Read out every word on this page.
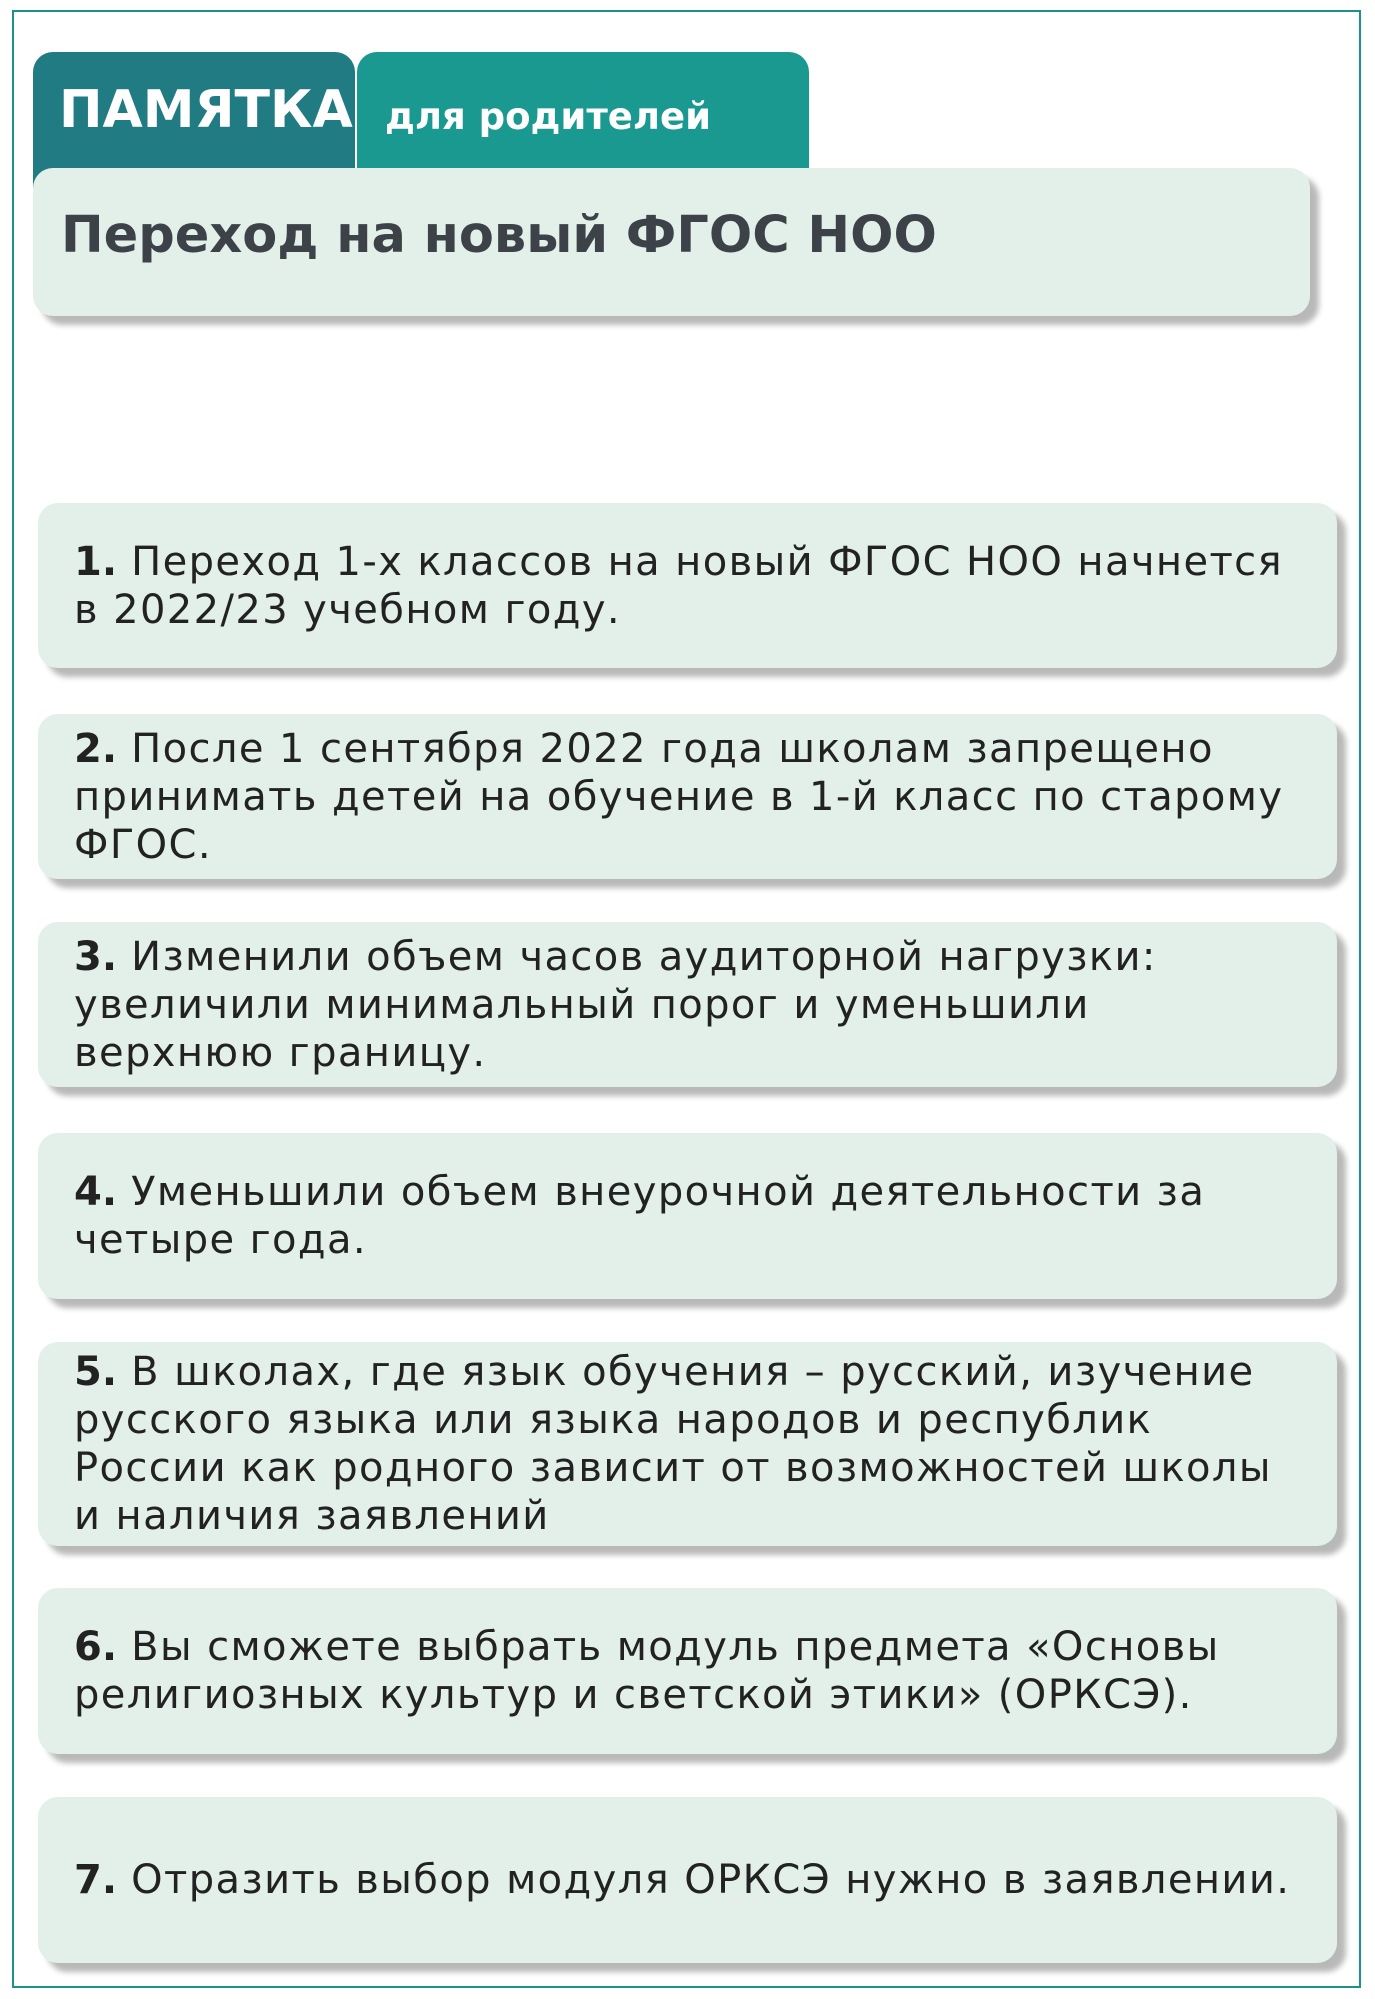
ПАМЯТКА для родителей
Переход на новый ФГОС НОО

1. Переход 1-х классов на новый ФГОС НОО начнется
в 2022/23 учебном году.

2. После 1 сентября 2022 года школам запрещено
принимать детей на обучение в 1-й класс по старому
ФГОС.

3. Изменили объем часов аудиторной нагрузки:
увеличили минимальный порог и уменьшили
верхнюю границу.

4. Уменьшили объем внеурочной деятельности за
четыре года.

5. В школах, где язык обучения – русский, изучение
русского языка или языка народов и республик
России как родного зависит от возможностей школы
и наличия заявлений

6. Вы сможете выбрать модуль предмета «Основы
религиозных культур и светской этики» (ОРКСЭ).

7. Отразить выбор модуля ОРКСЭ нужно в заявлении.
